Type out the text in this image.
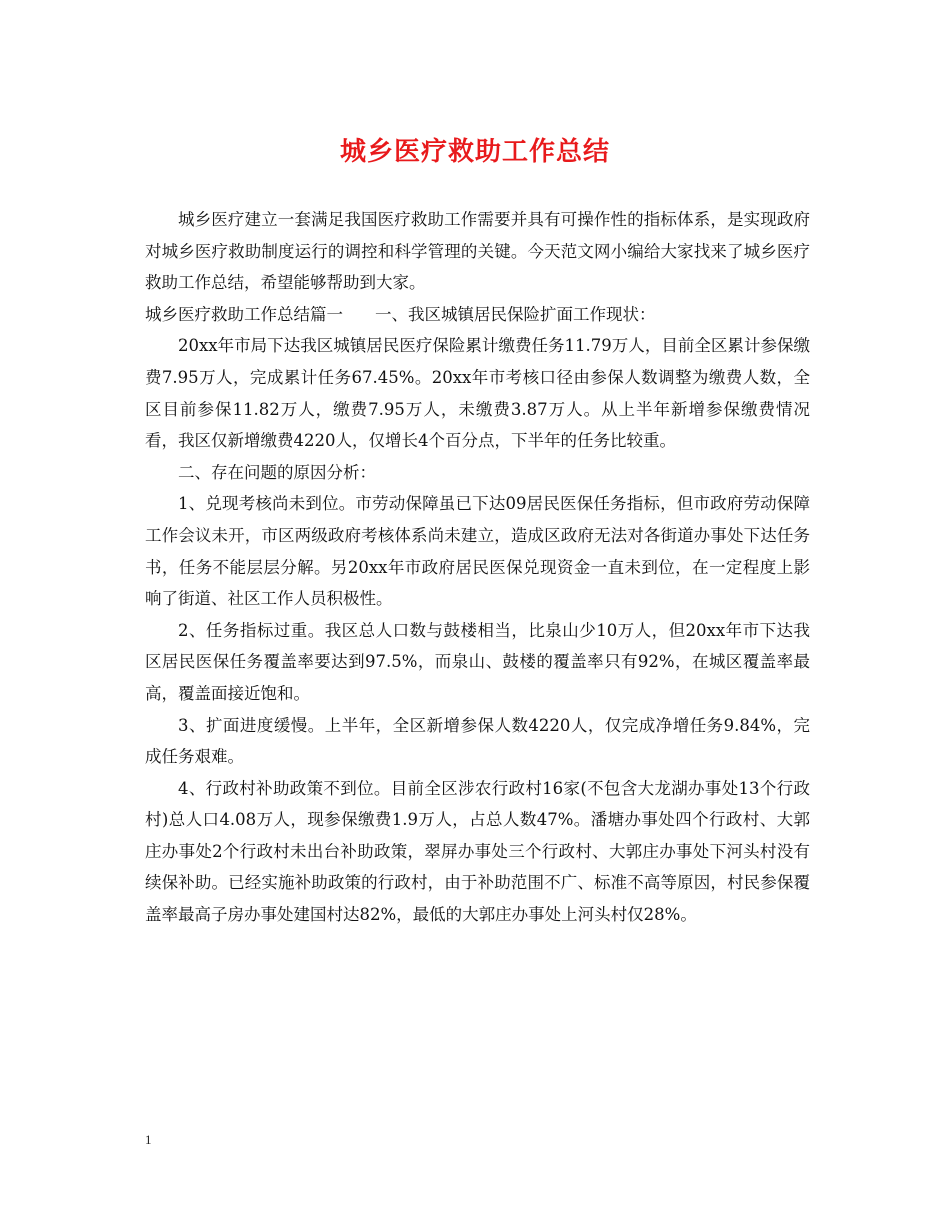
城乡医疗救助工作总结

城乡医疗建立一套满足我国医疗救助工作需要并具有可操作性的指标体系，是实现政府对城乡医疗救助制度运行的调控和科学管理的关键。今天范文网小编给大家找来了城乡医疗救助工作总结，希望能够帮助到大家。

城乡医疗救助工作总结篇一 一、我区城镇居民保险扩面工作现状：

20xx年市局下达我区城镇居民医疗保险累计缴费任务11.79万人，目前全区累计参保缴费7.95万人，完成累计任务67.45%。20xx年市考核口径由参保人数调整为缴费人数，全区目前参保11.82万人，缴费7.95万人，未缴费3.87万人。从上半年新增参保缴费情况看，我区仅新增缴费4220人，仅增长4个百分点，下半年的任务比较重。

二、存在问题的原因分析：

1、兑现考核尚未到位。市劳动保障虽已下达09居民医保任务指标，但市政府劳动保障工作会议未开，市区两级政府考核体系尚未建立，造成区政府无法对各街道办事处下达任务书，任务不能层层分解。另20xx年市政府居民医保兑现资金一直未到位，在一定程度上影响了街道、社区工作人员积极性。

2、任务指标过重。我区总人口数与鼓楼相当，比泉山少10万人，但20xx年市下达我区居民医保任务覆盖率要达到97.5%，而泉山、鼓楼的覆盖率只有92%，在城区覆盖率最高，覆盖面接近饱和。

3、扩面进度缓慢。上半年，全区新增参保人数4220人，仅完成净增任务9.84%，完成任务艰难。

4、行政村补助政策不到位。目前全区涉农行政村16家(不包含大龙湖办事处13个行政村)总人口4.08万人，现参保缴费1.9万人，占总人数47%。潘塘办事处四个行政村、大郭庄办事处2个行政村未出台补助政策，翠屏办事处三个行政村、大郭庄办事处下河头村没有续保补助。已经实施补助政策的行政村，由于补助范围不广、标准不高等原因，村民参保覆盖率最高子房办事处建国村达82%，最低的大郭庄办事处上河头村仅28%。

1
